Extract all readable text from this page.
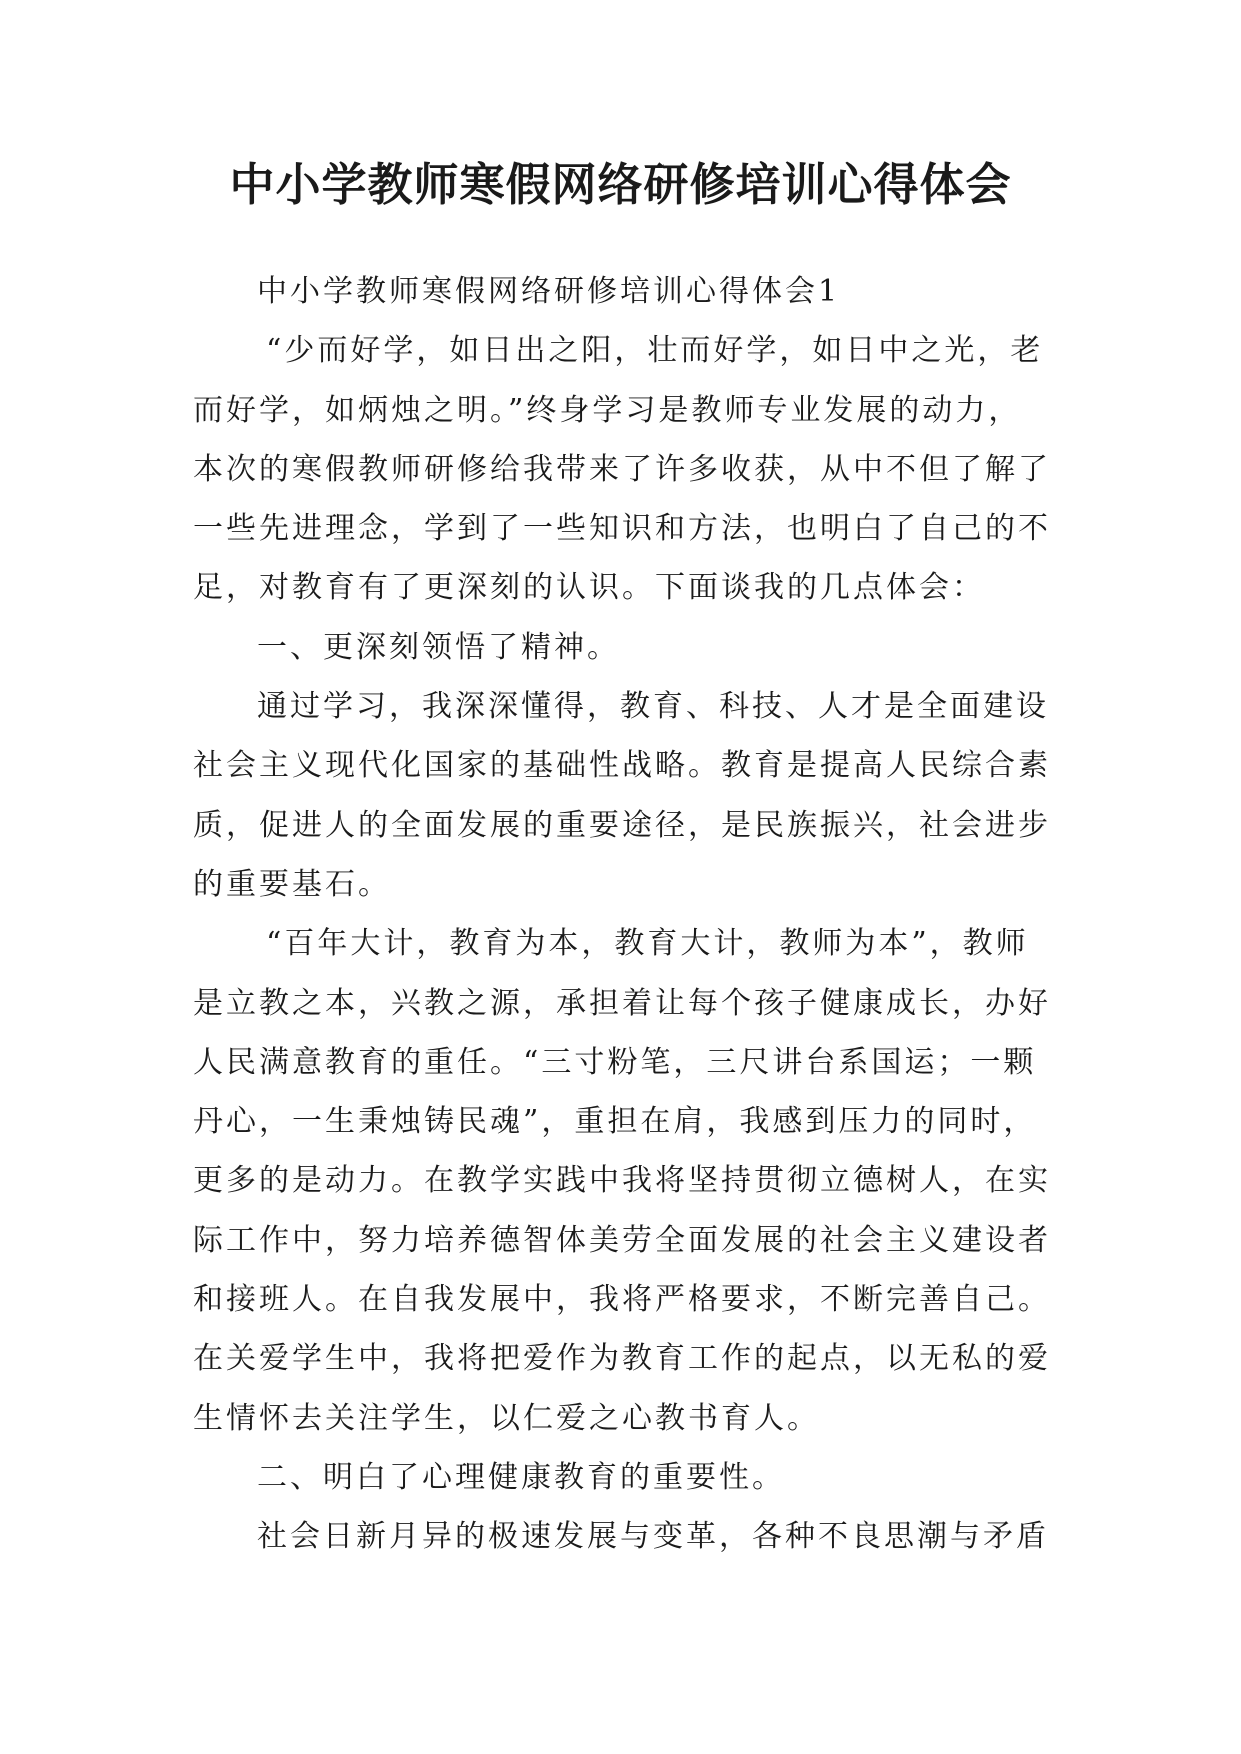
中小学教师寒假网络研修培训心得体会
中小学教师寒假网络研修培训心得体会1
“少而好学，如日出之阳，壮而好学，如日中之光，老
而好学，如炳烛之明。”终身学习是教师专业发展的动力，
本次的寒假教师研修给我带来了许多收获，从中不但了解了
一些先进理念，学到了一些知识和方法，也明白了自己的不
足，对教育有了更深刻的认识。下面谈我的几点体会：
一、更深刻领悟了精神。
通过学习，我深深懂得，教育、科技、人才是全面建设
社会主义现代化国家的基础性战略。教育是提高人民综合素
质，促进人的全面发展的重要途径，是民族振兴，社会进步
的重要基石。
“百年大计，教育为本，教育大计，教师为本”，教师
是立教之本，兴教之源，承担着让每个孩子健康成长，办好
人民满意教育的重任。“三寸粉笔，三尺讲台系国运；一颗
丹心，一生秉烛铸民魂”，重担在肩，我感到压力的同时，
更多的是动力。在教学实践中我将坚持贯彻立德树人，在实
际工作中，努力培养德智体美劳全面发展的社会主义建设者
和接班人。在自我发展中，我将严格要求，不断完善自己。
在关爱学生中，我将把爱作为教育工作的起点，以无私的爱
生情怀去关注学生，以仁爱之心教书育人。
二、明白了心理健康教育的重要性。
社会日新月异的极速发展与变革，各种不良思潮与矛盾
